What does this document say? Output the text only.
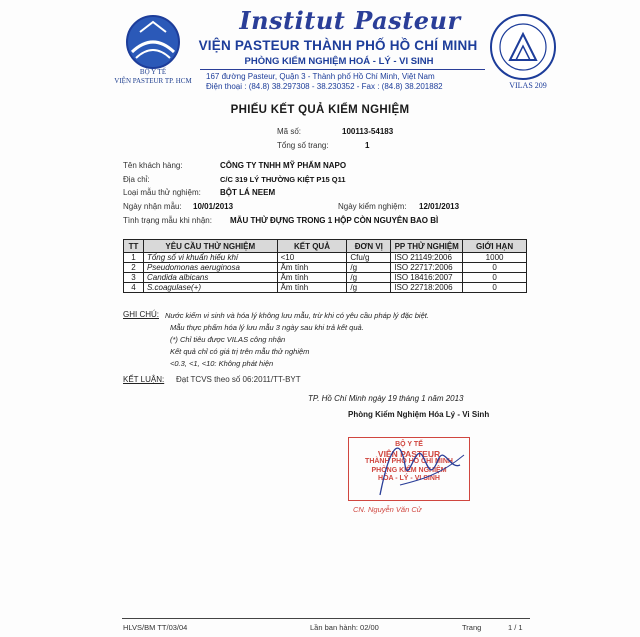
BỘ Y TẾ
VIỆN PASTEUR TP. HCM
Institut Pasteur
VIỆN PASTEUR THÀNH PHỐ HỒ CHÍ MINH
PHÒNG KIỂM NGHIỆM HOÁ - LÝ - VI SINH
167 đường Pasteur, Quận 3 - Thành phố Hồ Chí Minh, Việt Nam
Điện thoại : (84.8) 38.297308 - 38.230352 - Fax : (84.8) 38.201882	VILAS 209
PHIẾU KẾT QUẢ KIỂM NGHIỆM
Mã số:	100113-54183
Tổng số trang:	1
Tên khách hàng:	CÔNG TY TNHH MỸ PHẨM NAPO
Địa chỉ:	C/C 319 LÝ THƯỜNG KIỆT P15 Q11
Loại mẫu thử nghiệm: BỘT LÁ NEEM
Ngày nhận mẫu: 10/01/2013	Ngày kiểm nghiệm: 12/01/2013
Tình trạng mẫu khi nhận: MẪU THỬ ĐỰNG TRONG 1 HỘP CÒN NGUYÊN BAO BÌ
TT	YÊU CẦU THỬ NGHIỆM	KẾT QUẢ	ĐƠN VỊ	PP THỬ NGHIỆM	GIỚI HẠN
1	Tổng số vi khuẩn hiếu khí	<10	Cfu/g	ISO 21149:2006	1000
2	Pseudomonas aeruginosa	Âm tính	/g	ISO 22717:2006	0
3	Candida albicans	Âm tính	/g	ISO 18416:2007	0
4	S.coagulase(+)	Âm tính	/g	ISO 22718:2006	0
GHI CHÚ: Nước kiểm vi sinh và hóa lý không lưu mẫu, trừ khi có yêu cầu pháp lý đặc biệt.
Mẫu thực phẩm hóa lý lưu mẫu 3 ngày sau khi trả kết quả.
(*) Chỉ tiêu được VILAS công nhận
Kết quả chỉ có giá trị trên mẫu thử nghiệm
<0.3, <1, <10: Không phát hiện
KẾT LUẬN: Đạt TCVS theo số 06:2011/TT-BYT
TP. Hồ Chí Minh ngày 19 tháng 1 năm 2013
Phòng Kiểm Nghiệm Hóa Lý - Vi Sinh
BỘ Y TẾ
VIỆN PASTEUR
THÀNH PHỐ HỒ CHÍ MINH
PHÒNG KIỂM NGHIỆM
HÓA - LÝ - VI SINH
CN. Nguyễn Văn Cử
HLVS/BM TT/03/04	Lần ban hành: 02/00	Trang	1 / 1
